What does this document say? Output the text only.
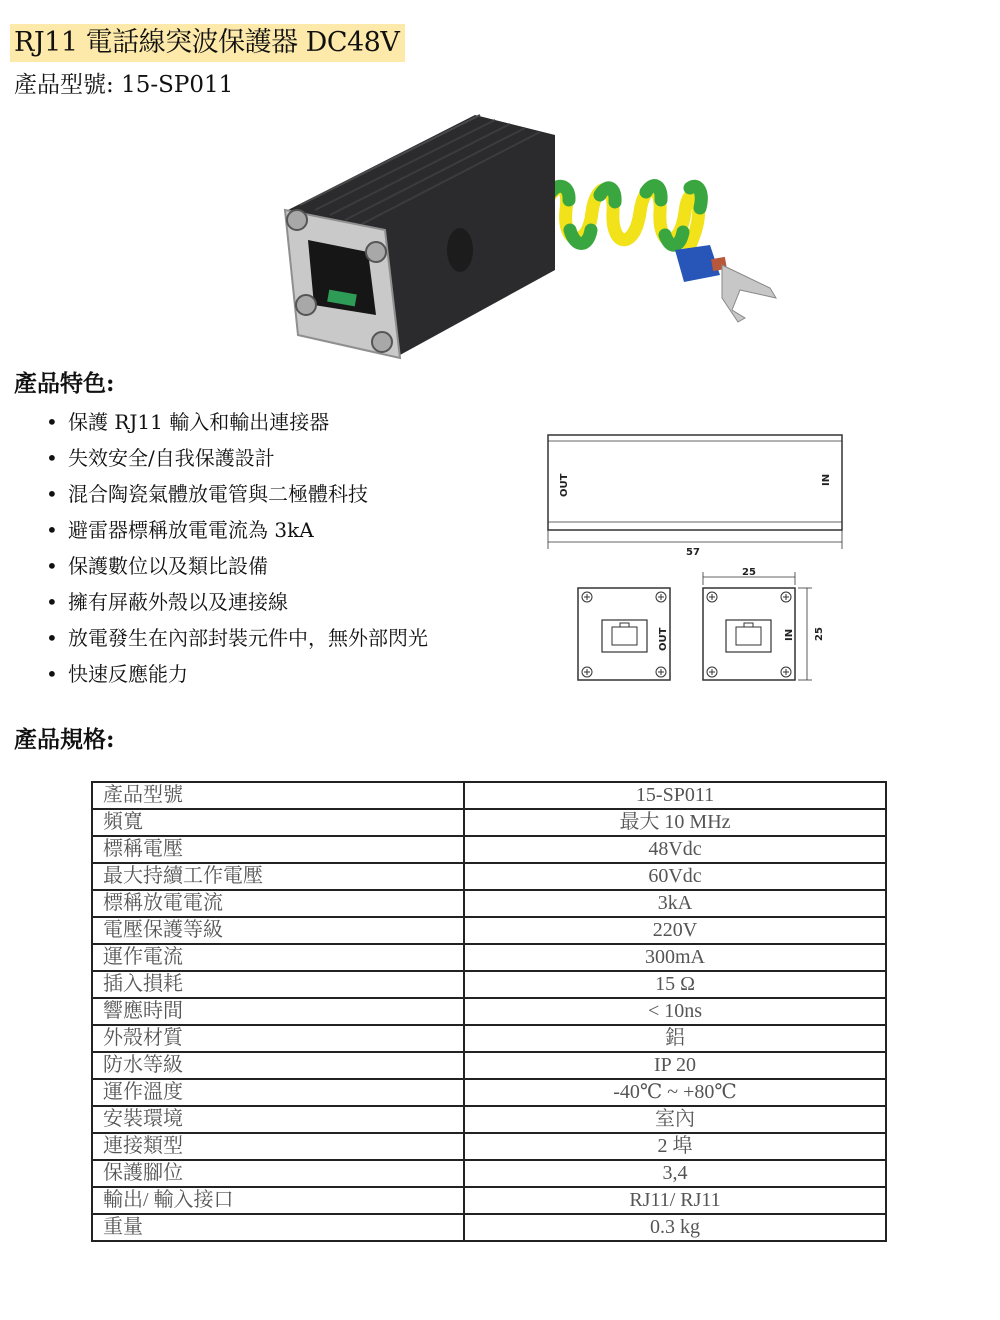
RJ11 電話線突波保護器 DC48V
產品型號: 15-SP011
產品特色:
• 保護 RJ11 輸入和輸出連接器
• 失效安全/自我保護設計
• 混合陶瓷氣體放電管與二極體科技
• 避雷器標稱放電電流為 3kA
• 保護數位以及類比設備
• 擁有屏蔽外殼以及連接線
• 放電發生在內部封裝元件中，無外部閃光
• 快速反應能力
OUT	IN
57
OUT	IN
25
25
產品規格:
產品型號	15-SP011
頻寬	最大 10 MHz
標稱電壓	48Vdc
最大持續工作電壓	60Vdc
標稱放電電流	3kA
電壓保護等級	220V
運作電流	300mA
插入損耗	15 Ω
響應時間	< 10ns
外殼材質	鋁
防水等級	IP 20
運作溫度	-40℃ ~ +80℃
安裝環境	室內
連接類型	2 埠
保護腳位	3,4
輸出/ 輸入接口	RJ11/ RJ11
重量	0.3 kg
